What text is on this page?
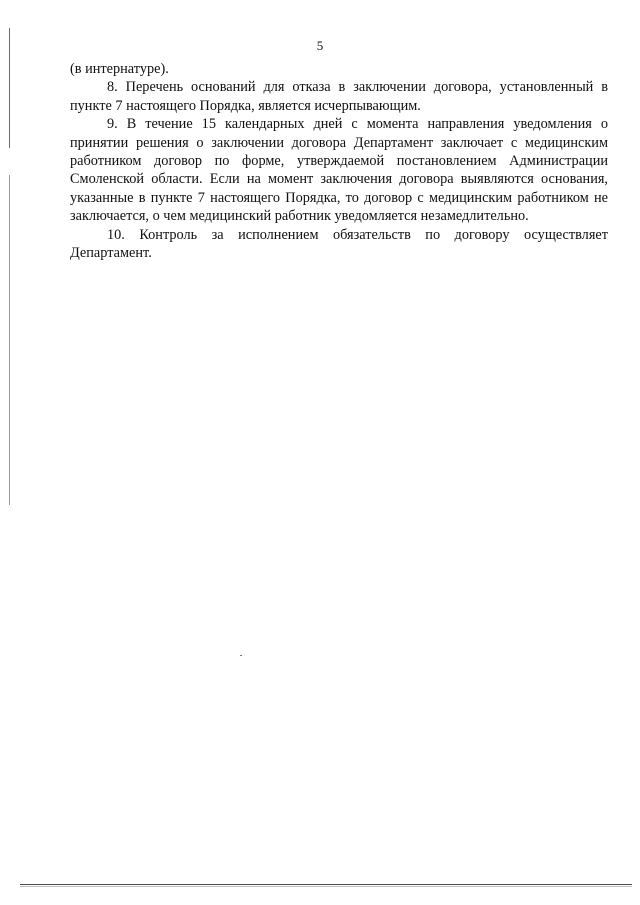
5

(в интернатуре).

8. Перечень оснований для отказа в заключении договора, установленный в пункте 7 настоящего Порядка, является исчерпывающим.

9. В течение 15 календарных дней с момента направления уведомления о принятии решения о заключении договора Департамент заключает с медицинским работником договор по форме, утверждаемой постановлением Администрации Смоленской области. Если на момент заключения договора выявляются основания, указанные в пункте 7 настоящего Порядка, то договор с медицинским работником не заключается, о чем медицинский работник уведомляется незамедлительно.

10. Контроль за исполнением обязательств по договору осуществляет Департамент.
